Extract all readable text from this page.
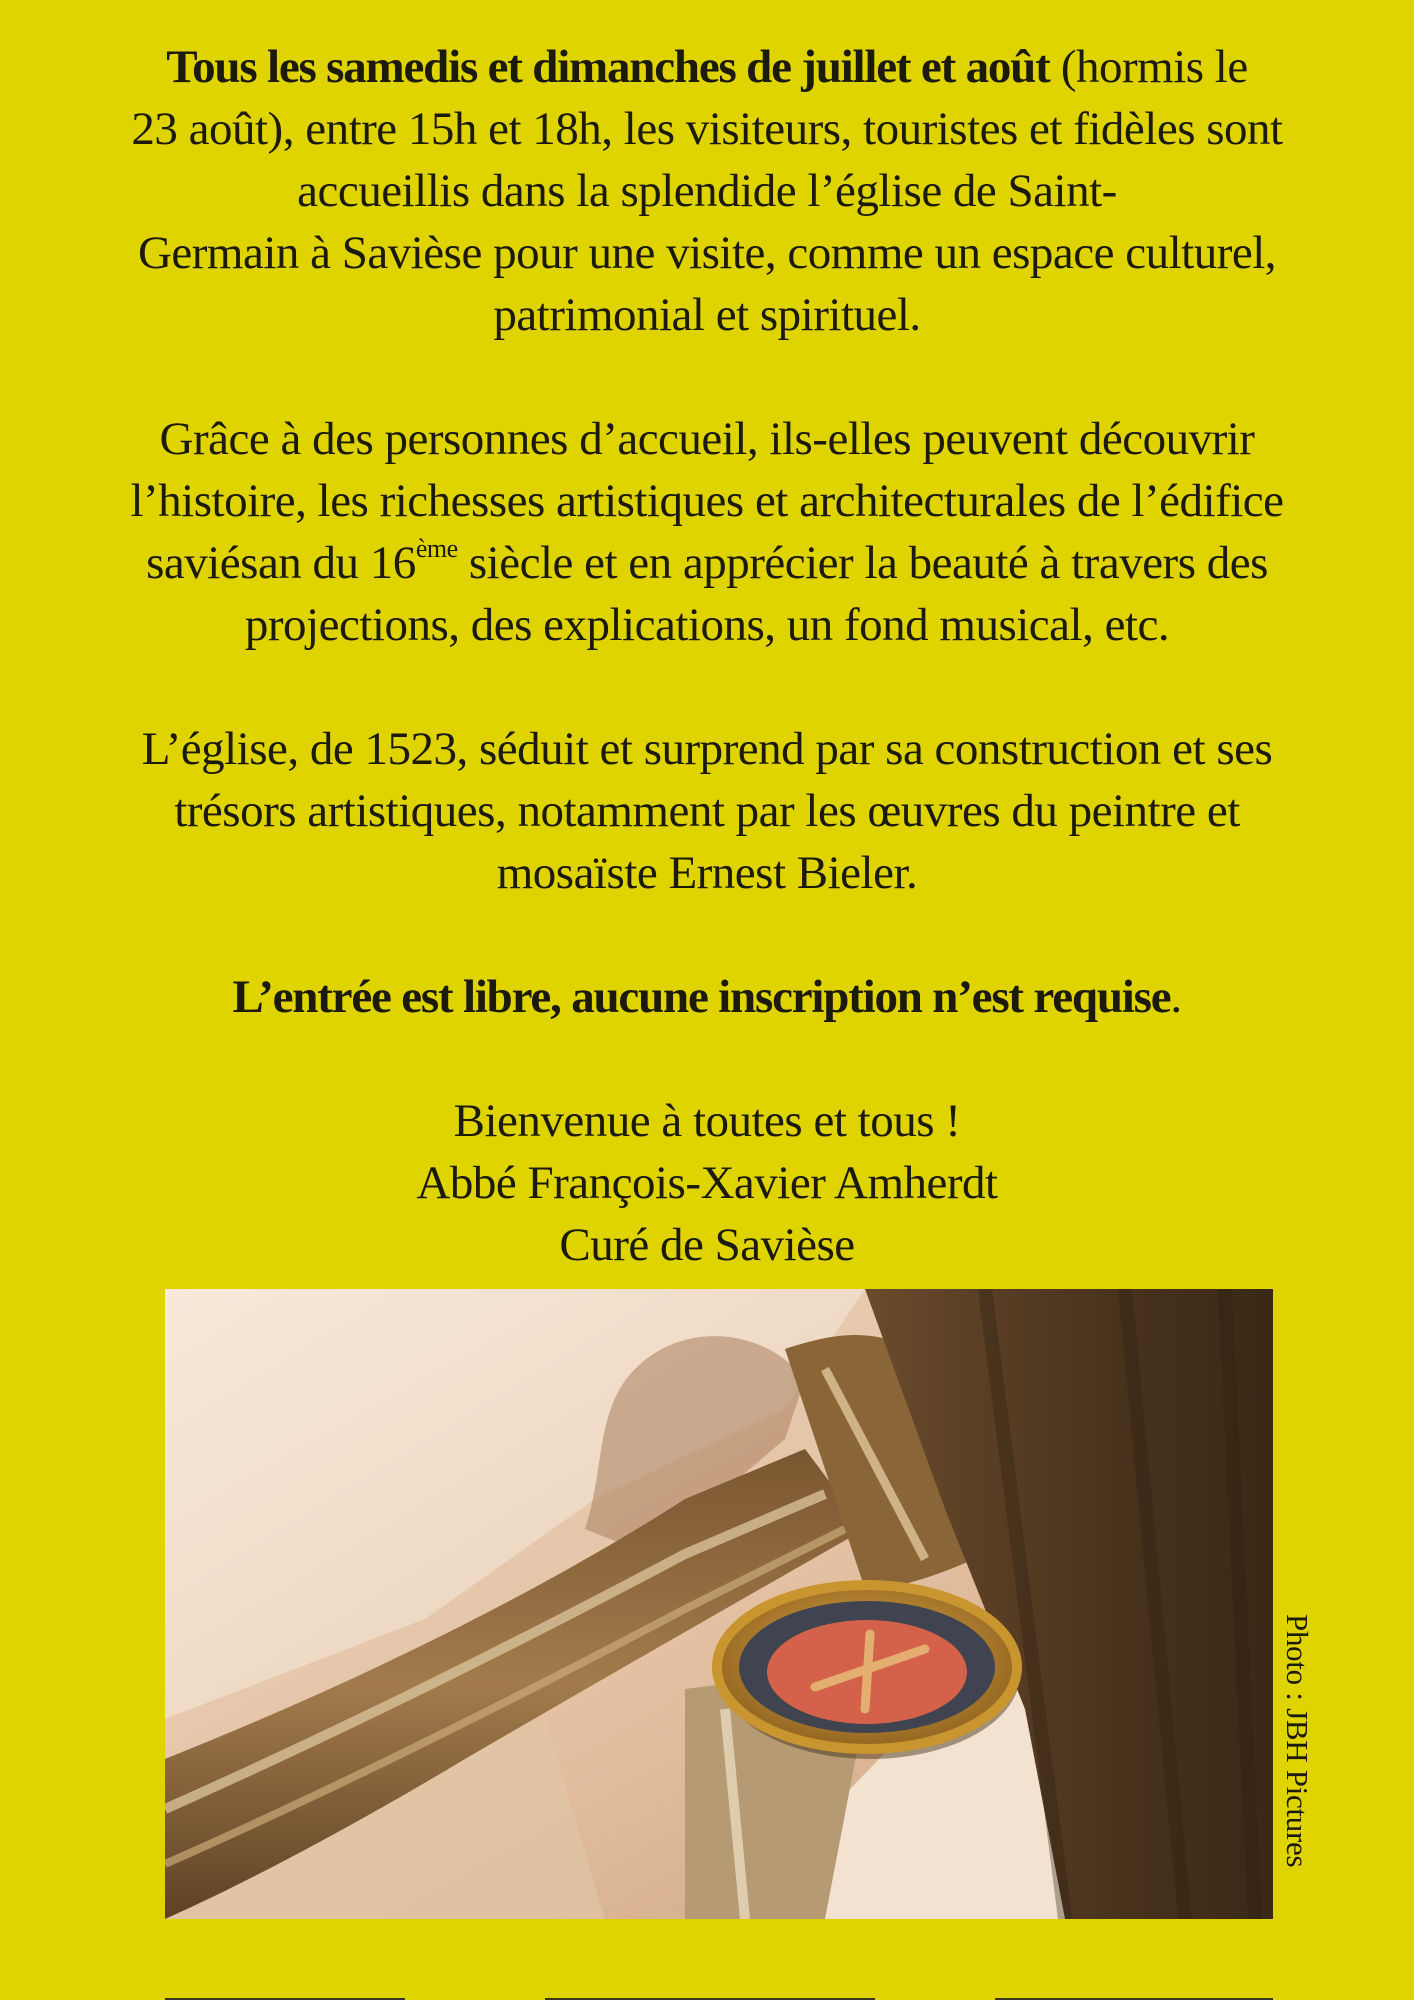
Tous les samedis et dimanches de juillet et août (hormis le
23 août), entre 15h et 18h, les visiteurs, touristes et fidèles sont
accueillis dans la splendide l’église de Saint-
Germain à Savièse pour une visite, comme un espace culturel,
patrimonial et spirituel.
Grâce à des personnes d’accueil, ils-elles peuvent découvrir
l’histoire, les richesses artistiques et architecturales de l’édifice
saviésan du 16ème siècle et en apprécier la beauté à travers des
projections, des explications, un fond musical, etc.
L’église, de 1523, séduit et surprend par sa construction et ses
trésors artistiques, notamment par les œuvres du peintre et
mosaïste Ernest Bieler.
L’entrée est libre, aucune inscription n’est requise.
Bienvenue à toutes et tous !
Abbé François-Xavier Amherdt
Curé de Savièse
Photo : JBH Pictures
